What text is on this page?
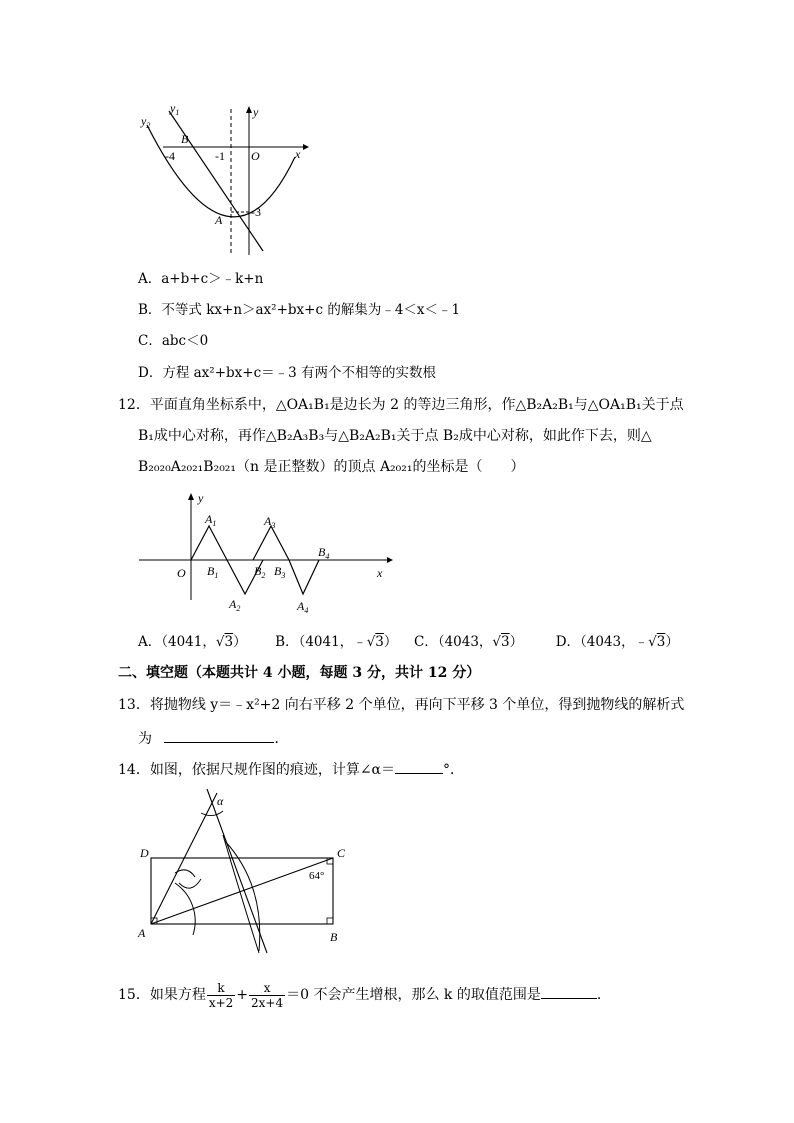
$y_1$
$y_2$
B
y
x
-4	-1 O
A
-3
A．a+b+c＞﹣k+n
B．不等式 kx+n＞ax²+bx+c 的解集为﹣4＜x＜﹣1
C．abc＜0
D．方程 ax²+bx+c＝﹣3 有两个不相等的实数根
12．平面直角坐标系中，△OA₁B₁是边长为 2 的等边三角形，作△B₂A₂B₁与△OA₁B₁关于点
B₁成中心对称，再作△B₂A₃B₃与△B₂A₂B₁关于点 B₂成中心对称，如此作下去，则△
B₂₀₂₀A₂₀₂₁B₂₀₂₁（n 是正整数）的顶点 A₂₀₂₁的坐标是（　　）
y
x
O
$A_1$	$A_3$
$B_4$
$B_1$	$B_2$ $B_3$
$A_2$	$A_4$
A．（4041，√3） B．（4041，﹣√3） C．（4043，√3） D．（4043，﹣√3）
二、填空题（本题共计 4 小题，每题 3 分，共计 12 分）
13．将抛物线 y＝﹣x²+2 向右平移 2 个单位，再向下平移 3 个单位，得到抛物线的解析式
为	．
14．如图，依据尺规作图的痕迹，计算∠α＝	°．
α
D	C
A	B
64°
15．如果方程 $\frac{k}{x+2} + \frac{x}{2x+4} =0$ 不会产生增根，那么 k 的取值范围是	．
